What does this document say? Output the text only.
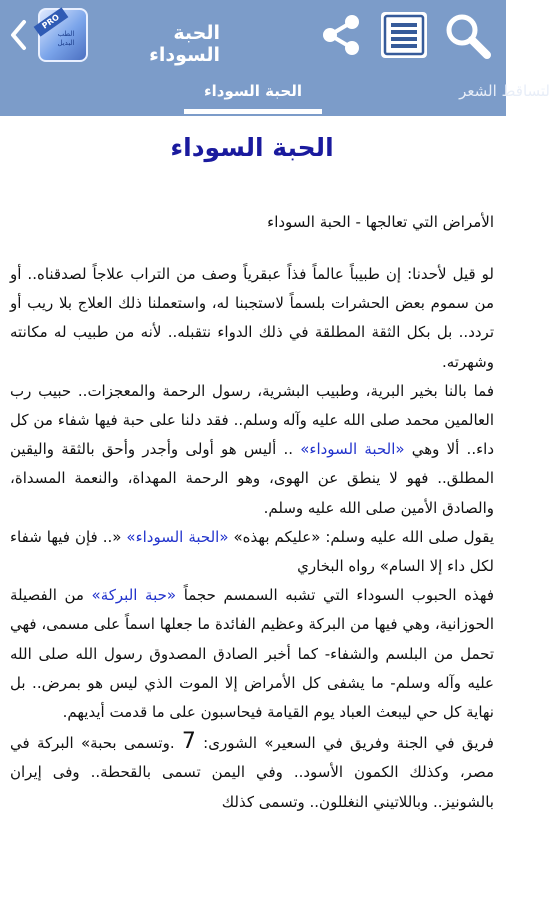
PRO
الطب البديل	الحبة السوداء
الحبة السوداء	لتساقط الشعر
الحبة السوداء
الأمراض التي تعالجها - الحبة السوداء

لو قيل لأحدنا: إن طبيباً عالماً فذاً عبقرياً وصف من التراب علاجاً لصدقناه.. أو من سموم بعض الحشرات بلسماً لاستجبنا له، واستعملنا ذلك العلاج بلا ريب أو تردد.. بل بكل الثقة المطلقة في ذلك الدواء نتقبله.. لأنه من طبيب له مكانته وشهرته.

فما بالنا بخير البرية، وطبيب البشرية، رسول الرحمة والمعجزات.. حبيب رب العالمين محمد صلى الله عليه وآله وسلم.. فقد دلنا على حبة فيها شفاء من كل داء.. ألا وهي «الحبة السوداء» .. أليس هو أولى وأجدر وأحق بالثقة واليقين المطلق.. فهو لا ينطق عن الهوى، وهو الرحمة المهداة، والنعمة المسداة، والصادق الأمين صلى الله عليه وسلم.

يقول صلى الله عليه وسلم: «عليكم بهذه» «الحبة السوداء» «.. فإن فيها شفاء لكل داء إلا السام» رواه البخاري

فهذه الحبوب السوداء التي تشبه السمسم حجماً «حبة البركة» من الفصيلة الحوزانية، وهي فيها من البركة وعظيم الفائدة ما جعلها اسماً على مسمى، فهي تحمل من البلسم والشفاء- كما أخبر الصادق المصدوق رسول الله صلى الله عليه وآله وسلم- ما يشفى كل الأمراض إلا الموت الذي ليس هو بمرض.. بل نهاية كل حي ليبعث العباد يوم القيامة فيحاسبون على ما قدمت أيديهم.

فريق في الجنة وفريق في السعير» الشورى: 7 .وتسمى بحبة» البركة في مصر، وكذلك الكمون الأسود.. وفي اليمن تسمى بالقحطة.. وفى إيران بالشونيز.. وباللاتيني النغللون.. وتسمى كذلك
